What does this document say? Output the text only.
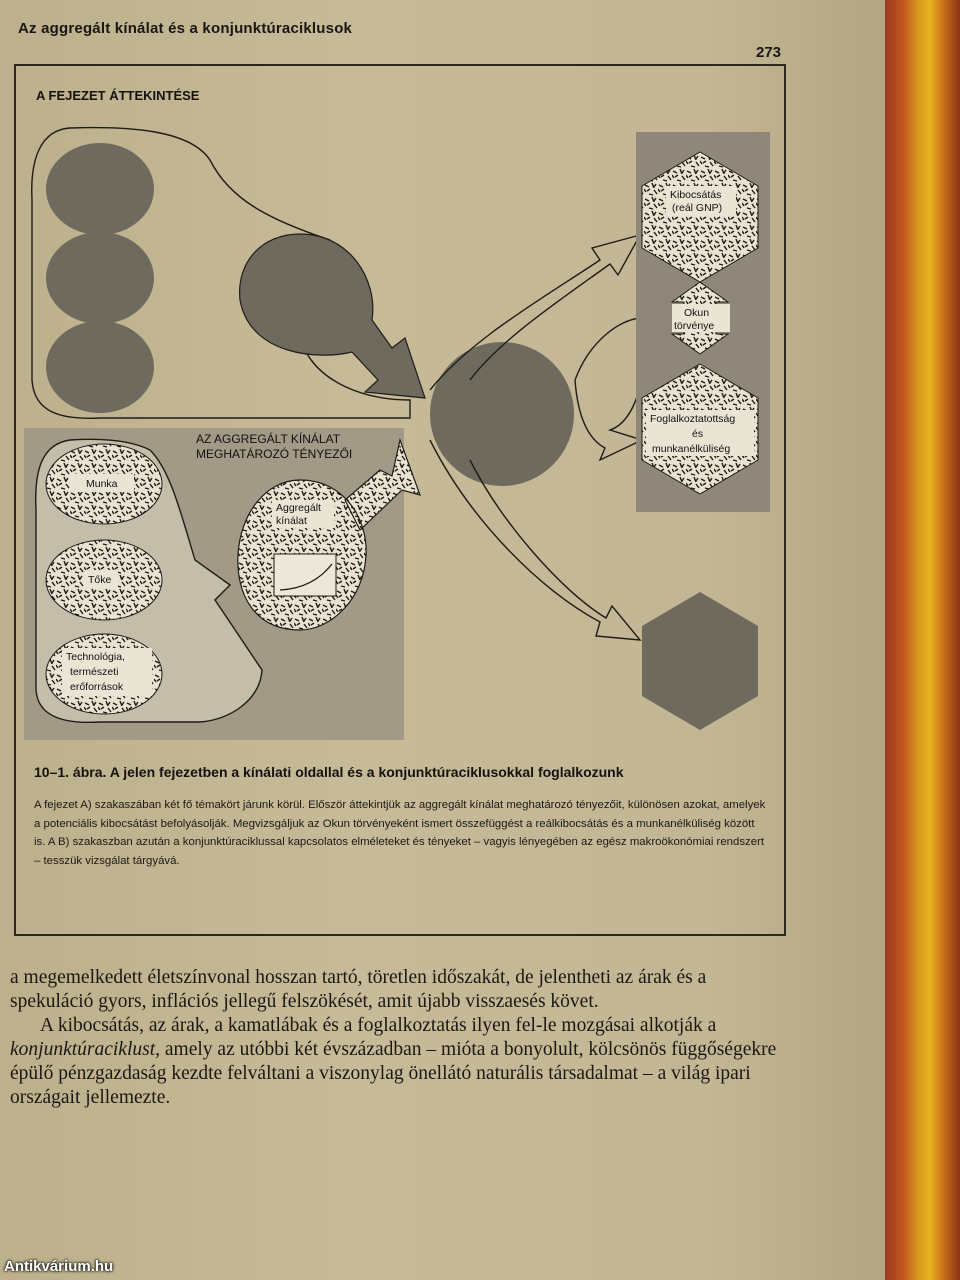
Az aggregált kínálat és a konjunktúraciklusok
273
A FEJEZET ÁTTEKINTÉSE
AZ AGGREGÁLT KÍNÁLAT
MEGHATÁROZÓ TÉNYEZŐI
Munka
Tőke
Technológia,
természeti
erőforrások
Aggregált
kínálat
Kibocsátás
(reál GNP)
Okun
törvénye
Foglalkoztatottság
és
munkanélküliség
10–1. ábra. A jelen fejezetben a kínálati oldallal és a konjunktúraciklusokkal foglalkozunk
A fejezet A) szakaszában két fő témakört járunk körül. Először áttekintjük az aggregált kínálat meghatározó tényezőit, különösen azokat, amelyek a potenciális kibocsátást befolyásolják. Megvizsgáljuk az Okun törvényeként ismert összefüggést a reálkibocsátás és a munkanélküliség között is. A B) szakaszban azután a konjunktúraciklussal kapcsolatos elméleteket és tényeket – vagyis lényegében az egész makroökonómiai rendszert – tesszük vizsgálat tárgyává.

a megemelkedett életszínvonal hosszan tartó, töretlen időszakát, de jelentheti az árak és a spekuláció gyors, inflációs jellegű felszökését, amit újabb visszaesés követ.

A kibocsátás, az árak, a kamatlábak és a foglalkoztatás ilyen fel-le mozgásai alkotják a konjunktúraciklust, amely az utóbbi két évszázadban – mióta a bonyolult, kölcsönös függőségekre épülő pénzgazdaság kezdte felváltani a viszonylag önellátó naturális társadalmat – a világ ipari országait jellemezte.

Antikvárium.hu
